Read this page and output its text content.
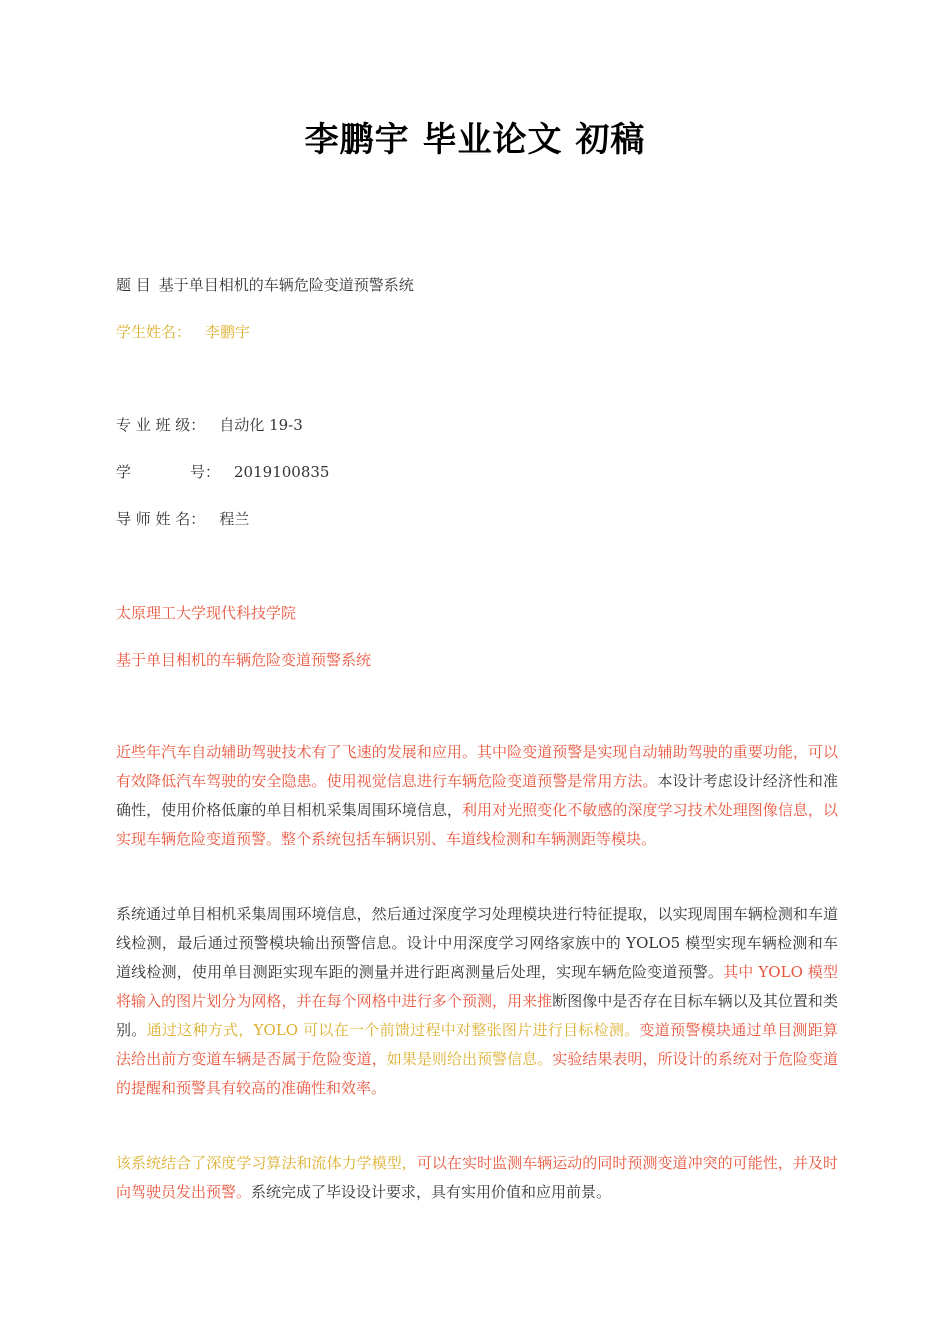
李鹏宇 毕业论文 初稿
题 目 基于单目相机的车辆危险变道预警系统
学生姓名： 李鹏宇
专 业 班 级： 自动化 19-3
学	号： 2019100835
导 师 姓 名： 程兰
太原理工大学现代科技学院
基于单目相机的车辆危险变道预警系统
近些年汽车自动辅助驾驶技术有了飞速的发展和应用。其中险变道预警是实现自动辅助驾驶的重要功能，可以有效降低汽车驾驶的安全隐患。使用视觉信息进行车辆危险变道预警是常用方法。本设计考虑设计经济性和准确性，使用价格低廉的单目相机采集周围环境信息，利用对光照变化不敏感的深度学习技术处理图像信息，以实现车辆危险变道预警。整个系统包括车辆识别、车道线检测和车辆测距等模块。
系统通过单目相机采集周围环境信息，然后通过深度学习处理模块进行特征提取，以实现周围车辆检测和车道线检测，最后通过预警模块输出预警信息。设计中用深度学习网络家族中的 YOLO5 模型实现车辆检测和车道线检测，使用单目测距实现车距的测量并进行距离测量后处理，实现车辆危险变道预警。其中 YOLO 模型将输入的图片划分为网格，并在每个网格中进行多个预测，用来推断图像中是否存在目标车辆以及其位置和类别。通过这种方式，YOLO 可以在一个前馈过程中对整张图片进行目标检测。变道预警模块通过单目测距算法给出前方变道车辆是否属于危险变道，如果是则给出预警信息。实验结果表明，所设计的系统对于危险变道的提醒和预警具有较高的准确性和效率。
该系统结合了深度学习算法和流体力学模型，可以在实时监测车辆运动的同时预测变道冲突的可能性，并及时向驾驶员发出预警。系统完成了毕设设计要求，具有实用价值和应用前景。
